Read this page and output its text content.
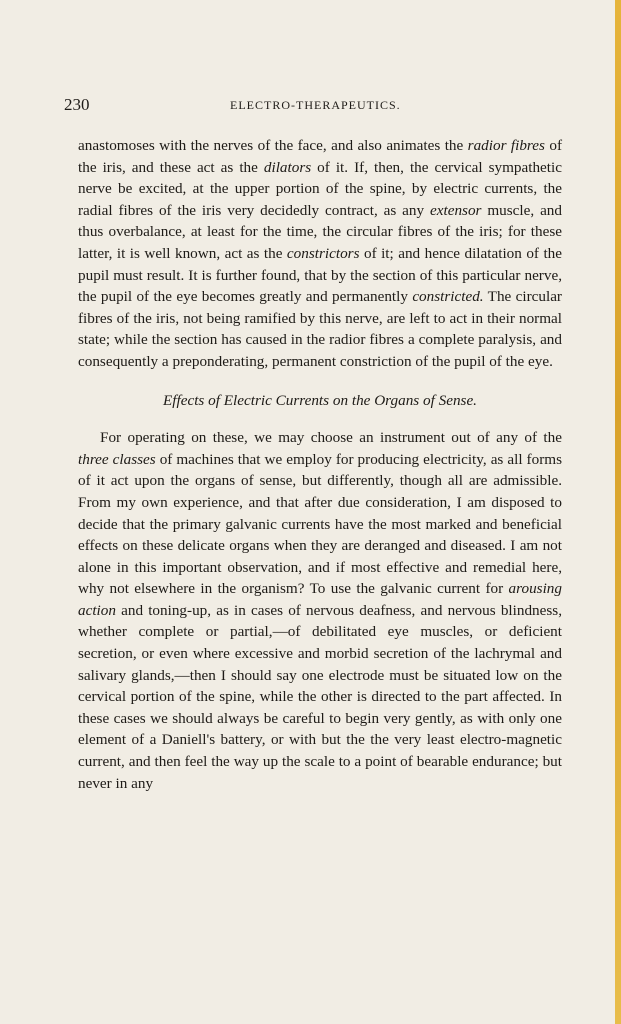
230	ELECTRO-THERAPEUTICS.

anastomoses with the nerves of the face, and also animates the radior fibres of the iris, and these act as the dilators of it. If, then, the cervical sympathetic nerve be excited, at the upper portion of the spine, by electric currents, the radial fibres of the iris very decidedly contract, as any extensor muscle, and thus overbalance, at least for the time, the circular fibres of the iris; for these latter, it is well known, act as the constrictors of it; and hence dilatation of the pupil must result. It is further found, that by the section of this particular nerve, the pupil of the eye becomes greatly and permanently constricted. The circular fibres of the iris, not being ramified by this nerve, are left to act in their normal state; while the section has caused in the radior fibres a complete paralysis, and consequently a preponderating, permanent constriction of the pupil of the eye.

Effects of Electric Currents on the Organs of Sense.

For operating on these, we may choose an instrument out of any of the three classes of machines that we employ for producing electricity, as all forms of it act upon the organs of sense, but differently, though all are admissible. From my own experience, and that after due consideration, I am disposed to decide that the primary galvanic currents have the most marked and beneficial effects on these delicate organs when they are deranged and diseased. I am not alone in this important observation, and if most effective and remedial here, why not elsewhere in the organism? To use the galvanic current for arousing action and toning-up, as in cases of nervous deafness, and nervous blindness, whether complete or partial,—of debilitated eye muscles, or deficient secretion, or even where excessive and morbid secretion of the lachrymal and salivary glands,—then I should say one electrode must be situated low on the cervical portion of the spine, while the other is directed to the part affected. In these cases we should always be careful to begin very gently, as with only one element of a Daniell's battery, or with but the the very least electro-magnetic current, and then feel the way up the scale to a point of bearable endurance; but never in any
